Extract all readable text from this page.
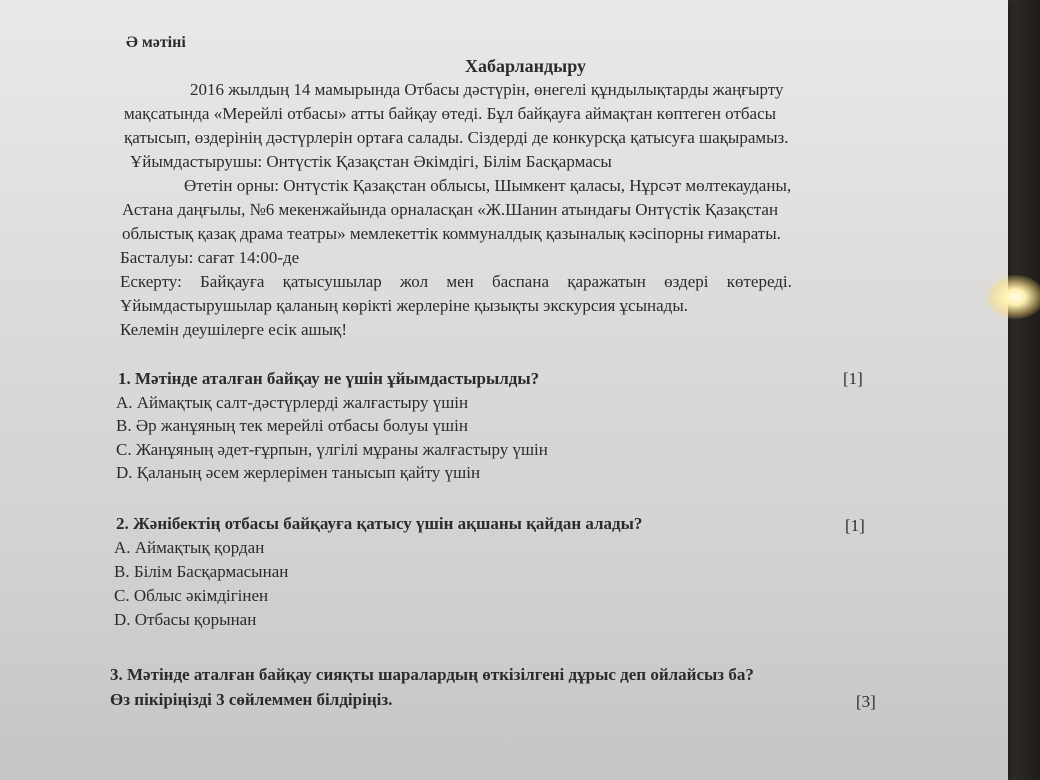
Ә мәтіні
Хабарландыру
2016 жылдың 14 мамырында Отбасы дәстүрін, өнегелі құндылықтарды жаңғырту
мақсатында «Мерейлі отбасы» атты байқау өтеді. Бұл байқауға аймақтан көптеген отбасы
қатысып, өздерінің дәстүрлерін ортаға салады. Сіздерді де конкурсқа қатысуға шақырамыз.
Ұйымдастырушы: Онтүстік Қазақстан Әкімдігі, Білім Басқармасы
Өтетін орны: Онтүстік Қазақстан облысы, Шымкент қаласы, Нұрсәт мөлтекауданы,
Астана даңғылы, №6 мекенжайында орналасқан «Ж.Шанин атындағы Онтүстік Қазақстан
облыстық қазақ драма театры» мемлекеттік коммуналдық қазыналық кәсіпорны ғимараты.
Басталуы: сағат 14:00-де
Ескерту: Байқауға қатысушылар жол мен баспана қаражатын өздері көтереді.
Ұйымдастырушылар қаланың көрікті жерлеріне қызықты экскурсия ұсынады.
Келемін деушілерге есік ашық!
1. Мәтінде аталған байқау не үшін ұйымдастырылды?	[1]
A. Аймақтық салт-дәстүрлерді жалғастыру үшін
B. Әр жанұяның тек мерейлі отбасы болуы үшін
C. Жанұяның әдет-ғұрпын, үлгілі мұраны жалғастыру үшін
D. Қаланың әсем жерлерімен танысып қайту үшін
2. Жәнібектің отбасы байқауға қатысу үшін ақшаны қайдан алады?	[1]
A. Аймақтық қордан
B. Білім Басқармасынан
C. Облыс әкімдігінен
D. Отбасы қорынан
3. Мәтінде аталған байқау сияқты шаралардың өткізілгені дұрыс деп ойлайсыз ба?
Өз пікіріңізді 3 сөйлеммен білдіріңіз.	[3]
